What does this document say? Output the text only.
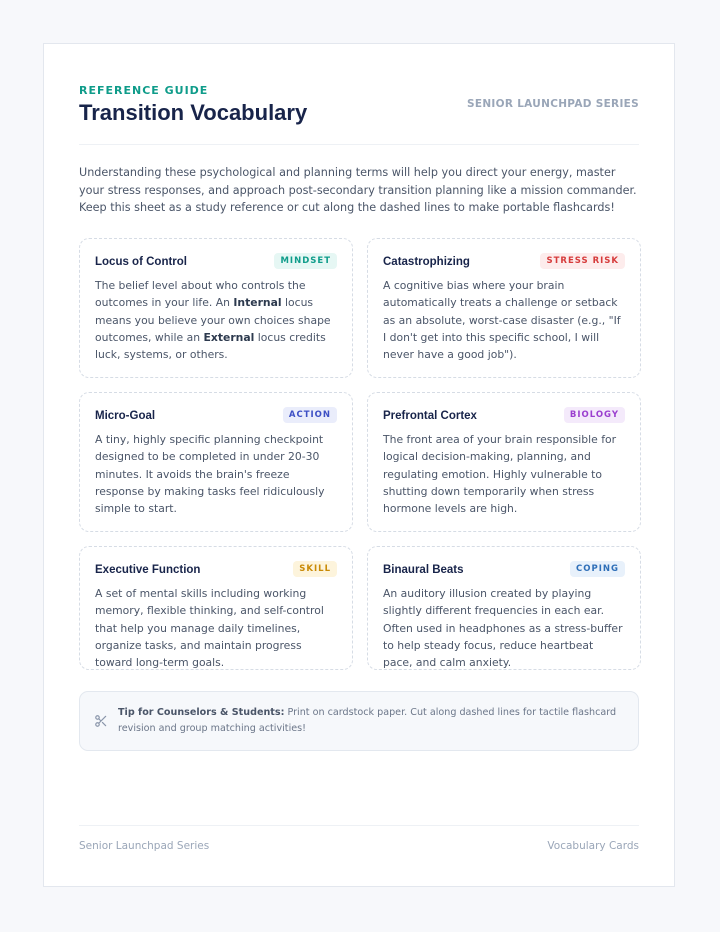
REFERENCE GUIDE
Transition Vocabulary	SENIOR LAUNCHPAD SERIES

Understanding these psychological and planning terms will help you direct your energy, master your stress responses, and approach post-secondary transition planning like a mission commander. Keep this sheet as a study reference or cut along the dashed lines to make portable flashcards!

Locus of Control	MINDSET
The belief level about who controls the outcomes in your life. An Internal locus means you believe your own choices shape outcomes, while an External locus credits luck, systems, or others.
Catastrophizing	STRESS RISK
A cognitive bias where your brain automatically treats a challenge or setback as an absolute, worst-case disaster (e.g., "If I don't get into this specific school, I will never have a good job").
Micro-Goal	ACTION
A tiny, highly specific planning checkpoint designed to be completed in under 20-30 minutes. It avoids the brain's freeze response by making tasks feel ridiculously simple to start.
Prefrontal Cortex	BIOLOGY
The front area of your brain responsible for logical decision-making, planning, and regulating emotion. Highly vulnerable to shutting down temporarily when stress hormone levels are high.
Executive Function	SKILL
A set of mental skills including working memory, flexible thinking, and self-control that help you manage daily timelines, organize tasks, and maintain progress toward long-term goals.
Binaural Beats	COPING
An auditory illusion created by playing slightly different frequencies in each ear. Often used in headphones as a stress-buffer to help steady focus, reduce heartbeat pace, and calm anxiety.
Tip for Counselors & Students: Print on cardstock paper. Cut along dashed lines for tactile flashcard revision and group matching activities!
Senior Launchpad Series	Vocabulary Cards
